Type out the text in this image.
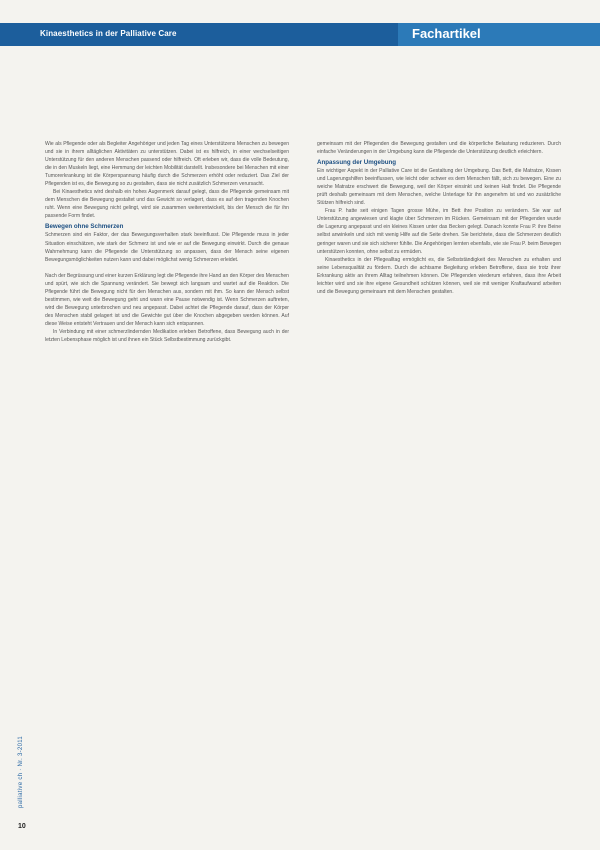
Kinaesthetics in der Palliative Care	Fachartikel

Wie als Pflegende oder als Begleiter Angehöriger und jeden Tag eines Unterstützens Menschen zu bewegen und sie in ihrem alltäglichen Aktivitäten zu unterstützen. Dabei ist es hilfreich, in einer wechselseitigen Unterstützung für den anderen Menschen passend oder hilfreich. Oft erleben wir, dass die volle Bedeutung, die in den Muskeln liegt, eine Hemmung der leichten Mobilität darstellt. Insbesondere bei Menschen mit einer Tumorerkrankung ist die Körperspannung häufig durch die Schmerzen erhöht oder reduziert. Das Ziel der Pflegenden ist es, die Bewegung so zu gestalten, dass sie nicht zusätzlich Schmerzen verursacht.

Bei Kinaesthetics wird deshalb ein hohes Augenmerk darauf gelegt, dass die Pflegende gemeinsam mit dem Menschen die Bewegung gestaltet und das Gewicht so verlagert, dass es auf den tragenden Knochen ruht. Wenn eine Bewegung nicht gelingt, wird sie zusammen weiterentwickelt, bis der Mensch die für ihn passende Form findet.

Bewegen ohne Schmerzen

Schmerzen sind ein Faktor, der das Bewegungsverhalten stark beeinflusst. Die Pflegende muss in jeder Situation einschätzen, wie stark der Schmerz ist und wie er auf die Bewegung einwirkt. Durch die genaue Wahrnehmung kann die Pflegende die Unterstützung so anpassen, dass der Mensch seine eigenen Bewegungsmöglichkeiten nutzen kann und dabei möglichst wenig Schmerzen erleidet.

Nach der Begrüssung und einer kurzen Erklärung legt die Pflegende ihre Hand an den Körper des Menschen und spürt, wie sich die Spannung verändert. Sie bewegt sich langsam und wartet auf die Reaktion. Die Pflegende führt die Bewegung nicht für den Menschen aus, sondern mit ihm. So kann der Mensch selbst bestimmen, wie weit die Bewegung geht und wann eine Pause notwendig ist. Wenn Schmerzen auftreten, wird die Bewegung unterbrochen und neu angepasst. Dabei achtet die Pflegende darauf, dass der Körper des Menschen stabil gelagert ist und die Gewichte gut über die Knochen abgegeben werden können. Auf diese Weise entsteht Vertrauen und der Mensch kann sich entspannen.

In Verbindung mit einer schmerzlindernden Medikation erleben Betroffene, dass Bewegung auch in der letzten Lebensphase möglich ist und ihnen ein Stück Selbstbestimmung zurückgibt.

gemeinsam mit der Pflegenden die Bewegung gestalten und die körperliche Belastung reduzieren. Durch einfache Veränderungen in der Umgebung kann die Pflegende die Unterstützung deutlich erleichtern.

Anpassung der Umgebung

Ein wichtiger Aspekt in der Palliative Care ist die Gestaltung der Umgebung. Das Bett, die Matratze, Kissen und Lagerungshilfen beeinflussen, wie leicht oder schwer es dem Menschen fällt, sich zu bewegen. Eine zu weiche Matratze erschwert die Bewegung, weil der Körper einsinkt und keinen Halt findet. Die Pflegende prüft deshalb gemeinsam mit dem Menschen, welche Unterlage für ihn angenehm ist und wo zusätzliche Stützen hilfreich sind.

Frau P. hatte seit einigen Tagen grosse Mühe, im Bett ihre Position zu verändern. Sie war auf Unterstützung angewiesen und klagte über Schmerzen im Rücken. Gemeinsam mit der Pflegenden wurde die Lagerung angepasst und ein kleines Kissen unter das Becken gelegt. Danach konnte Frau P. ihre Beine selbst anwinkeln und sich mit wenig Hilfe auf die Seite drehen. Sie berichtete, dass die Schmerzen deutlich geringer waren und sie sich sicherer fühlte. Die Angehörigen lernten ebenfalls, wie sie Frau P. beim Bewegen unterstützen konnten, ohne selbst zu ermüden.

Kinaesthetics in der Pflegealltag ermöglicht es, die Selbstständigkeit des Menschen zu erhalten und seine Lebensqualität zu fördern. Durch die achtsame Begleitung erleben Betroffene, dass sie trotz ihrer Erkrankung aktiv an ihrem Alltag teilnehmen können. Die Pflegenden wiederum erfahren, dass ihre Arbeit leichter wird und sie ihre eigene Gesundheit schützen können, weil sie mit weniger Kraftaufwand arbeiten und die Bewegung gemeinsam mit dem Menschen gestalten.

palliative ch · Nr. 3-2011
10
